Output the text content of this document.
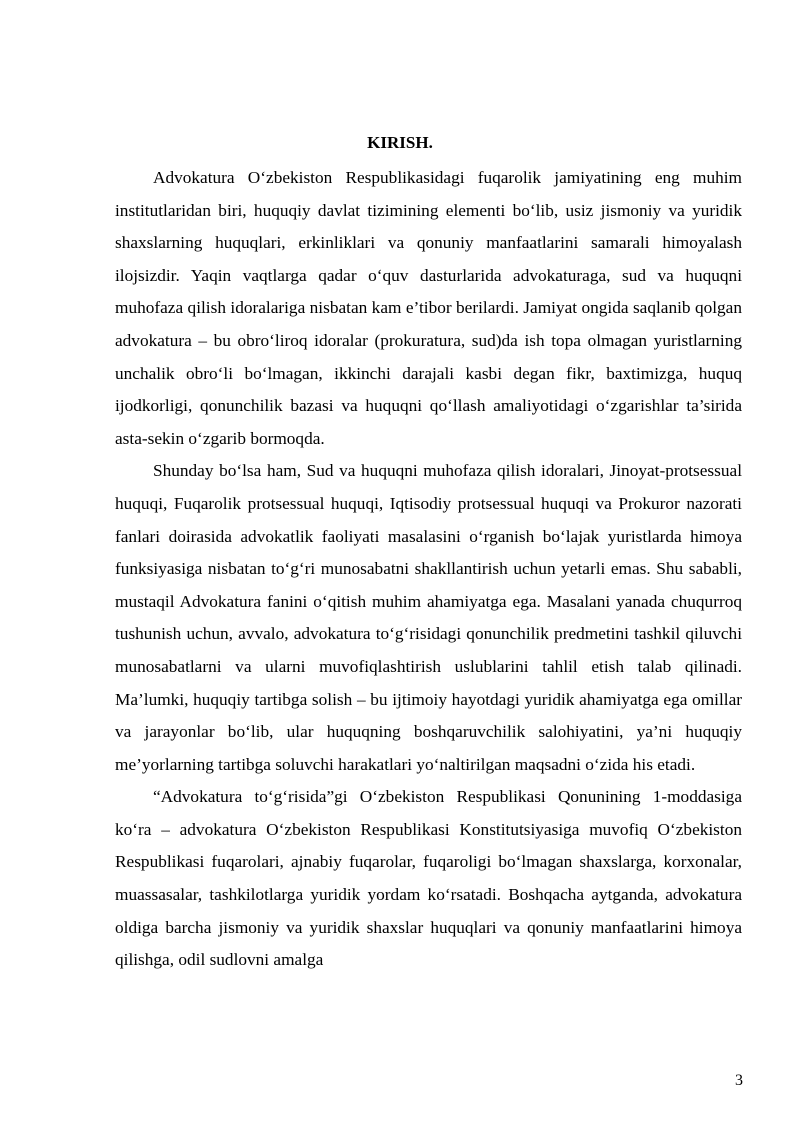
KIRISH.

Advokatura O‘zbekiston Respublikasidagi fuqarolik jamiyatining eng muhim institutlaridan biri, huquqiy davlat tizimining elementi bo‘lib, usiz jismoniy va yuridik shaxslarning huquqlari, erkinliklari va qonuniy manfaatlarini samarali himoyalash ilojsizdir. Yaqin vaqtlarga qadar o‘quv dasturlarida advokaturaga, sud va huquqni muhofaza qilish idoralariga nisbatan kam e’tibor berilardi. Jamiyat ongida saqlanib qolgan advokatura – bu obro‘liroq idoralar (prokuratura, sud)da ish topa olmagan yuristlarning unchalik obro‘li bo‘lmagan, ikkinchi darajali kasbi degan fikr, baxtimizga, huquq ijodkorligi, qonunchilik bazasi va huquqni qo‘llash amaliyotidagi o‘zgarishlar ta’sirida asta-sekin o‘zgarib bormoqda.

Shunday bo‘lsa ham, Sud va huquqni muhofaza qilish idoralari, Jinoyat-protsessual huquqi, Fuqarolik protsessual huquqi, Iqtisodiy protsessual huquqi va Prokuror nazorati fanlari doirasida advokatlik faoliyati masalasini o‘rganish bo‘lajak yuristlarda himoya funksiyasiga nisbatan to‘g‘ri munosabatni shakllantirish uchun yetarli emas. Shu sababli, mustaqil Advokatura fanini o‘qitish muhim ahamiyatga ega. Masalani yanada chuqurroq tushunish uchun, avvalo, advokatura to‘g‘risidagi qonunchilik predmetini tashkil qiluvchi munosabatlarni va ularni muvofiqlashtirish uslublarini tahlil etish talab qilinadi. Ma’lumki, huquqiy tartibga solish – bu ijtimoiy hayotdagi yuridik ahamiyatga ega omillar va jarayonlar bo‘lib, ular huquqning boshqaruvchilik salohiyatini, ya’ni huquqiy me’yorlarning tartibga soluvchi harakatlari yo‘naltirilgan maqsadni o‘zida his etadi.

“Advokatura to‘g‘risida”gi O‘zbekiston Respublikasi Qonunining 1-moddasiga ko‘ra – advokatura O‘zbekiston Respublikasi Konstitutsiyasiga muvofiq O‘zbekiston Respublikasi fuqarolari, ajnabiy fuqarolar, fuqaroligi bo‘lmagan shaxslarga, korxonalar, muassasalar, tashkilotlarga yuridik yordam ko‘rsatadi. Boshqacha aytganda, advokatura oldiga barcha jismoniy va yuridik shaxslar huquqlari va qonuniy manfaatlarini himoya qilishga, odil sudlovni amalga

3
